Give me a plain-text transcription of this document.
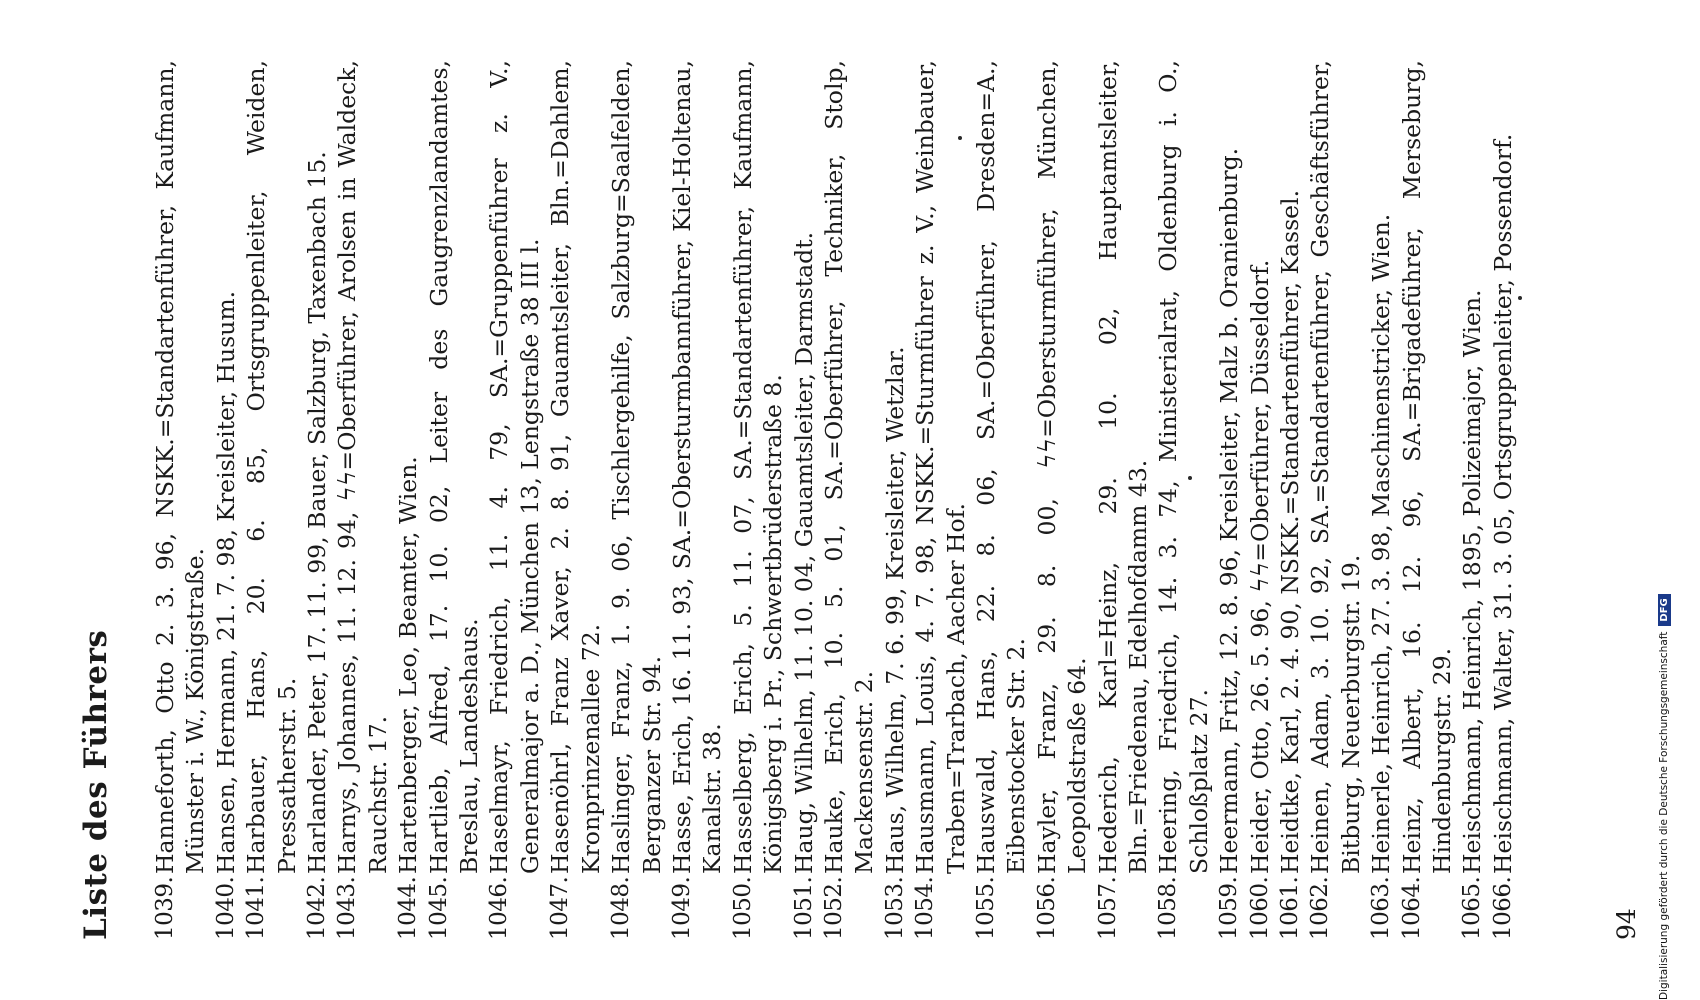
Liste des Führers 1039.
Hanneforth, Otto 2. 3. 96, NSKK.=Standartenführer, Kaufmann, Münster i. W., Königstraße.
1040.
Hansen, Hermann, 21. 7. 98, Kreisleiter, Husum.
1041.
Harbauer, Hans, 20. 6. 85, Ortsgruppenleiter, Weiden, Pressatherstr. 5.
1042.
Harlander, Peter, 17. 11. 99, Bauer, Salzburg, Taxenbach 15.
1043.
Harnys, Johannes, 11. 12. 94, ϟϟ=Oberführer, Arolsen in Waldeck, Rauchstr. 17.
1044.
Hartenberger, Leo, Beamter, Wien.
1045.
Hartlieb, Alfred, 17. 10. 02, Leiter des Gaugrenzlandamtes, Breslau, Landeshaus.
1046.
Haselmayr, Friedrich, 11. 4. 79, SA.=Gruppenführer z. V., Generalmajor a. D., München 13, Lengstraße 38 III l.
1047.
Hasenöhrl, Franz Xaver, 2. 8. 91, Gauamtsleiter, Bln.=Dahlem, Kronprinzenallee 72.
1048.
Haslinger, Franz, 1. 9. 06, Tischlergehilfe, Salzburg=Saalfelden, Berganzer Str. 94.
1049.
Hasse, Erich, 16. 11. 93, SA.=Obersturmbannführer, Kiel-Holtenau, Kanalstr. 38.
1050.
Hasselberg, Erich, 5. 11. 07, SA.=Standartenführer, Kaufmann, Königsberg i. Pr., Schwertbrüderstraße 8.
1051.
Haug, Wilhelm, 11. 10. 04, Gauamtsleiter, Darmstadt.
1052.
Hauke, Erich, 10. 5. 01, SA.=Oberführer, Techniker, Stolp, Mackensenstr. 2.
1053.
Haus, Wilhelm, 7. 6. 99, Kreisleiter, Wetzlar.
1054.
Hausmann, Louis, 4. 7. 98, NSKK.=Sturmführer z. V., Weinbauer, Traben=Trarbach, Aacher Hof.
1055.
Hauswald, Hans, 22. 8. 06, SA.=Oberführer, Dresden=A., Eibenstocker Str. 2.
1056.
Hayler, Franz, 29. 8. 00, ϟϟ=Obersturmführer, München, Leopoldstraße 64.
1057.
Hederich, Karl=Heinz, 29. 10. 02, Hauptamtsleiter, Bln.=Friedenau, Edelhofdamm 43.
1058.
Heering, Friedrich, 14. 3. 74, Ministerialrat, Oldenburg i. O., Schloßplatz 27.
1059.
Heermann, Fritz, 12. 8. 96, Kreisleiter, Malz b. Oranienburg.
1060.
Heider, Otto, 26. 5. 96, ϟϟ=Oberführer, Düsseldorf.
1061.
Heidtke, Karl, 2. 4. 90, NSKK.=Standartenführer, Kassel.
1062.
Heinen, Adam, 3. 10. 92, SA.=Standartenführer, Geschäftsführer, Bitburg, Neuerburgstr. 19.
1063.
Heinerle, Heinrich, 27. 3. 98, Maschinenstricker, Wien.
1064.
Heinz, Albert, 16. 12. 96, SA.=Brigadeführer, Merseburg, Hindenburgstr. 29.
1065.
Heischmann, Heinrich, 1895, Polizeimajor, Wien.
1066.
Heischmann, Walter, 31. 3. 05, Ortsgruppenleiter, Possendorf.
94 Digitalisierung gefördert durch die Deutsche ForschungsgemeinschaftDFG
